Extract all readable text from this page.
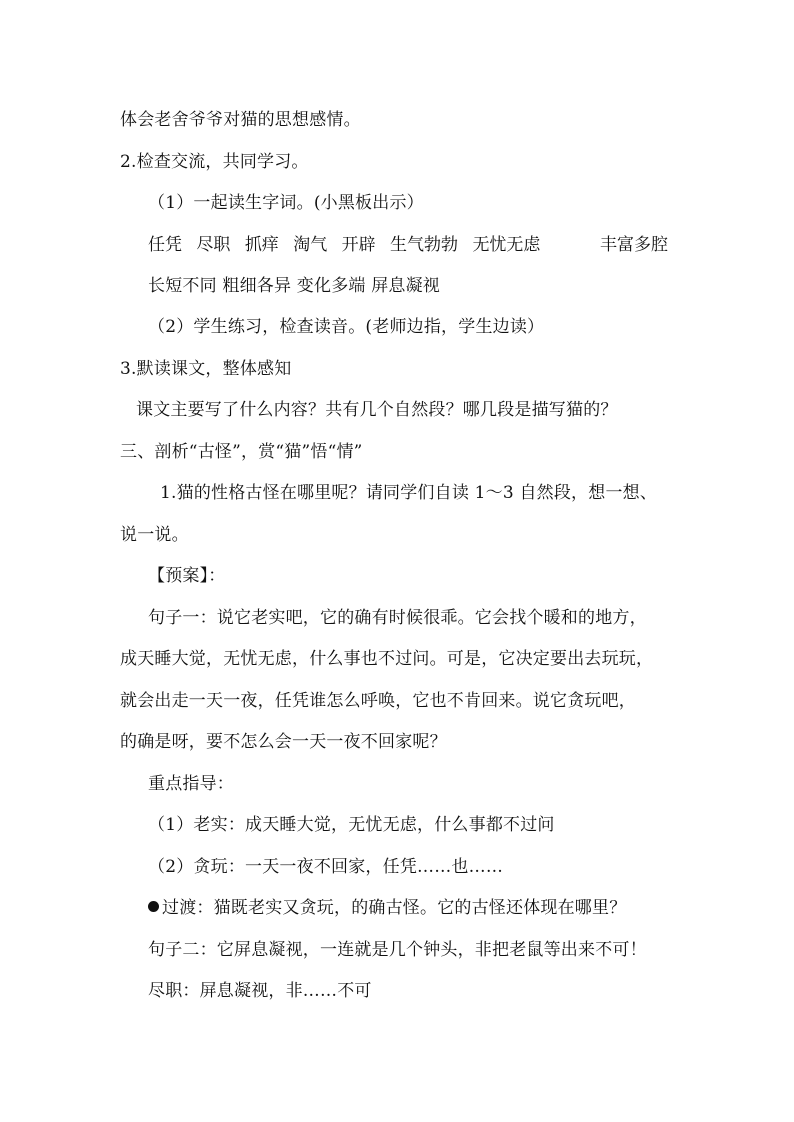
体会老舍爷爷对猫的思想感情。
2.检查交流，共同学习。
（1）一起读生字词。(小黑板出示）
任凭 尽职 抓痒 淘气 开辟 生气勃勃 无忧无虑	丰富多腔
长短不同 粗细各异 变化多端 屏息凝视
（2）学生练习，检查读音。(老师边指，学生边读）
3.默读课文，整体感知
课文主要写了什么内容？共有几个自然段？哪几段是描写猫的？
三、剖析“古怪”，赏“猫”悟“情”
1.猫的性格古怪在哪里呢？请同学们自读 1～3 自然段，想一想、
说一说。
【预案】：
句子一：说它老实吧，它的确有时候很乖。它会找个暖和的地方，
成天睡大觉，无忧无虑，什么事也不过问。可是，它决定要出去玩玩，
就会出走一天一夜，任凭谁怎么呼唤，它也不肯回来。说它贪玩吧，
的确是呀，要不怎么会一天一夜不回家呢？
重点指导：
（1）老实：成天睡大觉，无忧无虑，什么事都不过问
（2）贪玩：一天一夜不回家，任凭……也……
过渡：猫既老实又贪玩，的确古怪。它的古怪还体现在哪里？
句子二：它屏息凝视，一连就是几个钟头，非把老鼠等出来不可！
尽职：屏息凝视，非……不可
